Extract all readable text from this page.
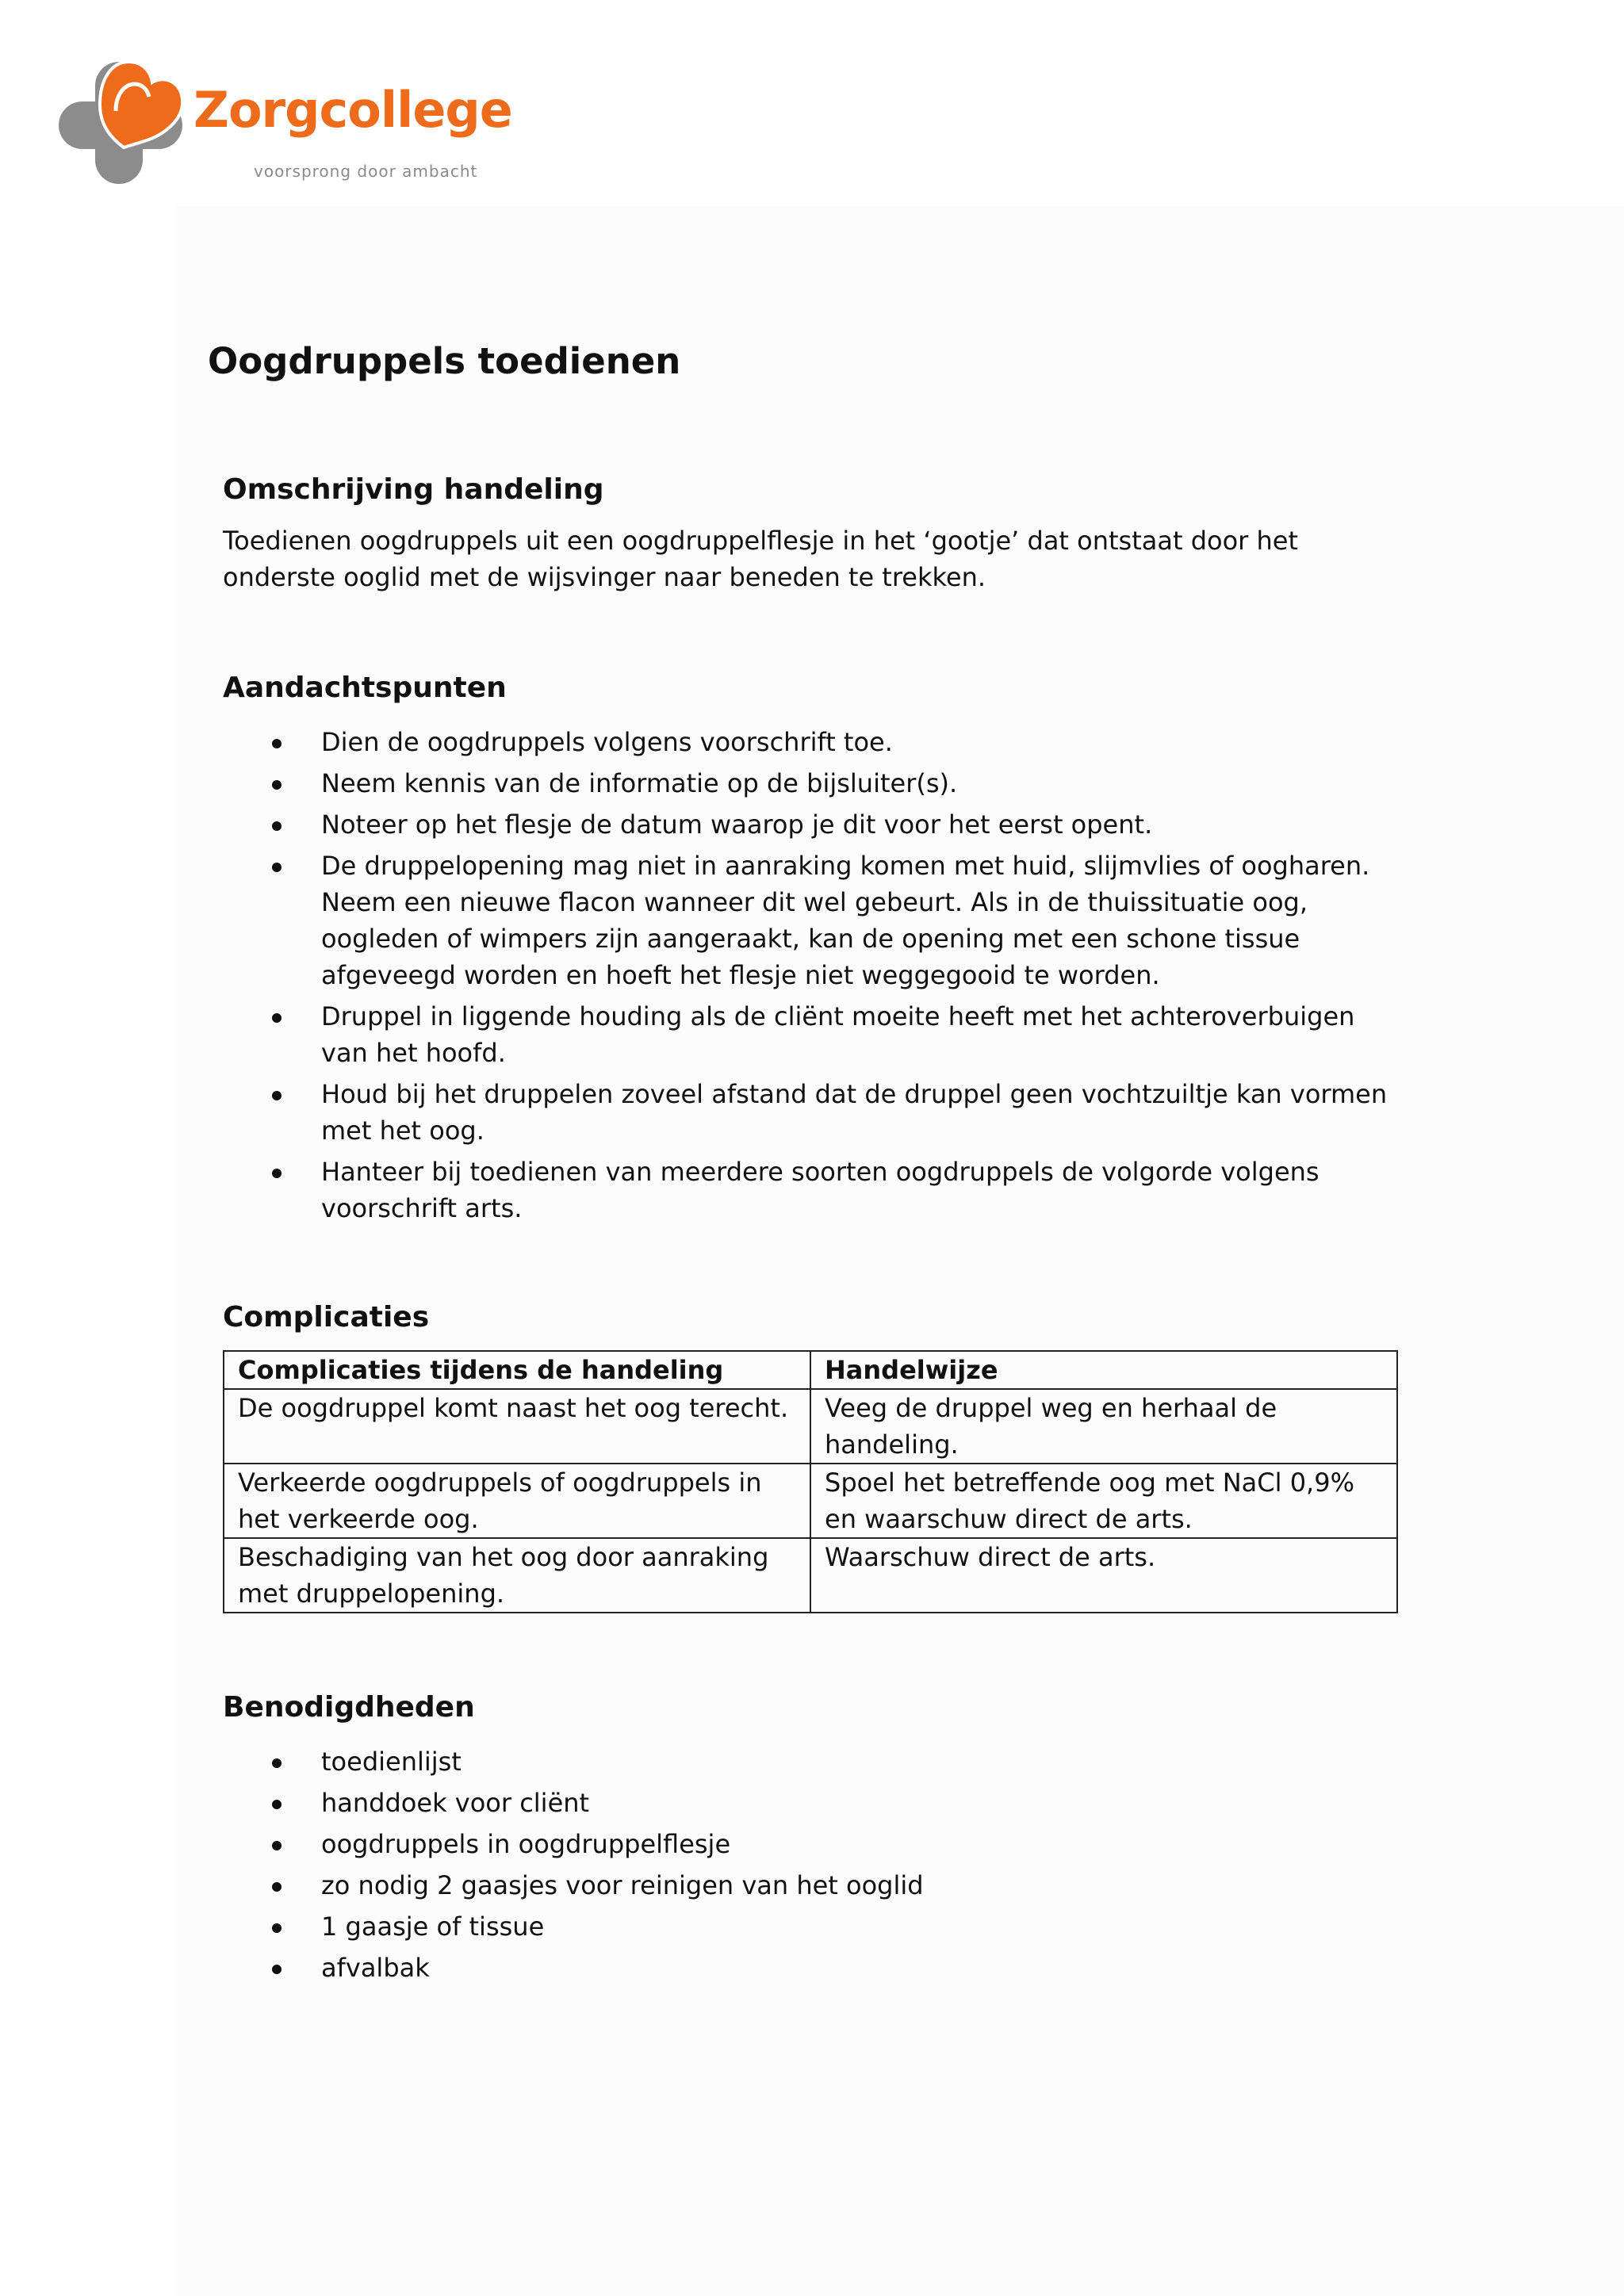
Zorgcollege
voorsprong door ambacht
Oogdruppels toedienen
Omschrijving handeling

Toedienen oogdruppels uit een oogdruppelflesje in het ‘gootje’ dat ontstaat door het onderste ooglid met de wijsvinger naar beneden te trekken.

Aandachtspunten
Dien de oogdruppels volgens voorschrift toe.
Neem kennis van de informatie op de bijsluiter(s).
Noteer op het flesje de datum waarop je dit voor het eerst opent.
De druppelopening mag niet in aanraking komen met huid, slijmvlies of oogharen. Neem een nieuwe flacon wanneer dit wel gebeurt. Als in de thuissituatie oog, oogleden of wimpers zijn aangeraakt, kan de opening met een schone tissue afgeveegd worden en hoeft het flesje niet weggegooid te worden.
Druppel in liggende houding als de cliënt moeite heeft met het achteroverbuigen van het hoofd.
Houd bij het druppelen zoveel afstand dat de druppel geen vochtzuiltje kan vormen met het oog.
Hanteer bij toedienen van meerdere soorten oogdruppels de volgorde volgens voorschrift arts.
Complicaties
Complicaties tijdens de handeling	Handelwijze
De oogdruppel komt naast het oog terecht.	Veeg de druppel weg en herhaal de handeling.
Verkeerde oogdruppels of oogdruppels in het verkeerde oog.	Spoel het betreffende oog met NaCl 0,9% en waarschuw direct de arts.
Beschadiging van het oog door aanraking met druppelopening.	Waarschuw direct de arts.
Benodigdheden
toedienlijst
handdoek voor cliënt
oogdruppels in oogdruppelflesje
zo nodig 2 gaasjes voor reinigen van het ooglid
1 gaasje of tissue
afvalbak
